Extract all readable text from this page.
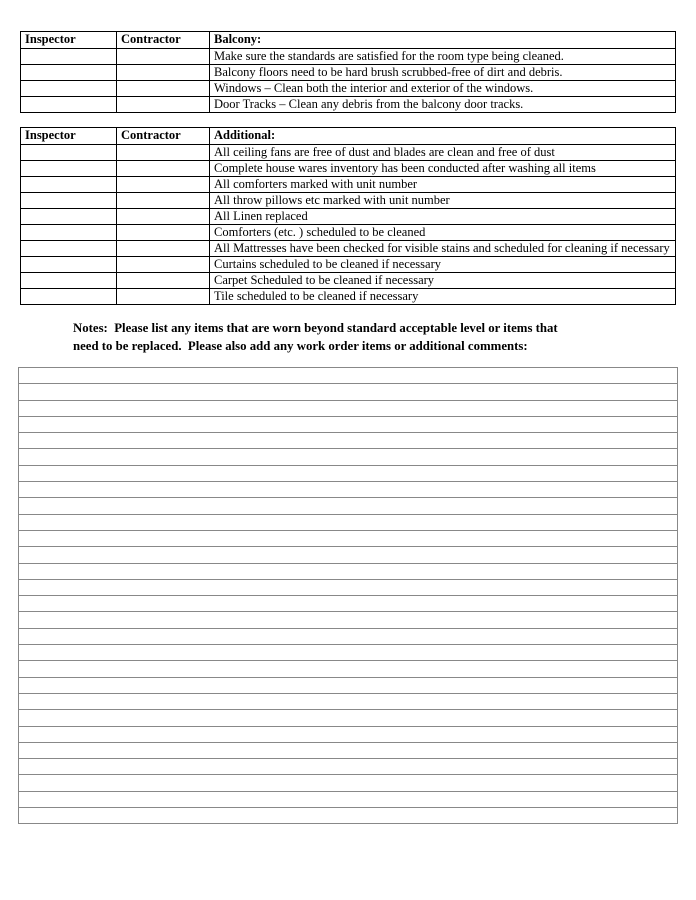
Inspector	Contractor	Balcony:
		Make sure the standards are satisfied for the room type being cleaned.
		Balcony floors need to be hard brush scrubbed-free of dirt and debris.
		Windows – Clean both the interior and exterior of the windows.
		Door Tracks – Clean any debris from the balcony door tracks.
Inspector	Contractor	Additional:
		All ceiling fans are free of dust and blades are clean and free of dust
		Complete house wares inventory has been conducted after washing all items
		All comforters marked with unit number
		All throw pillows etc marked with unit number
		All Linen replaced
		Comforters (etc. ) scheduled to be cleaned
		All Mattresses have been checked for visible stains and scheduled for cleaning if necessary
		Curtains scheduled to be cleaned if necessary
		Carpet Scheduled to be cleaned if necessary
		Tile scheduled to be cleaned if necessary
Notes:  Please list any items that are worn beyond standard acceptable level or items that
need to be replaced.  Please also add any work order items or additional comments:
